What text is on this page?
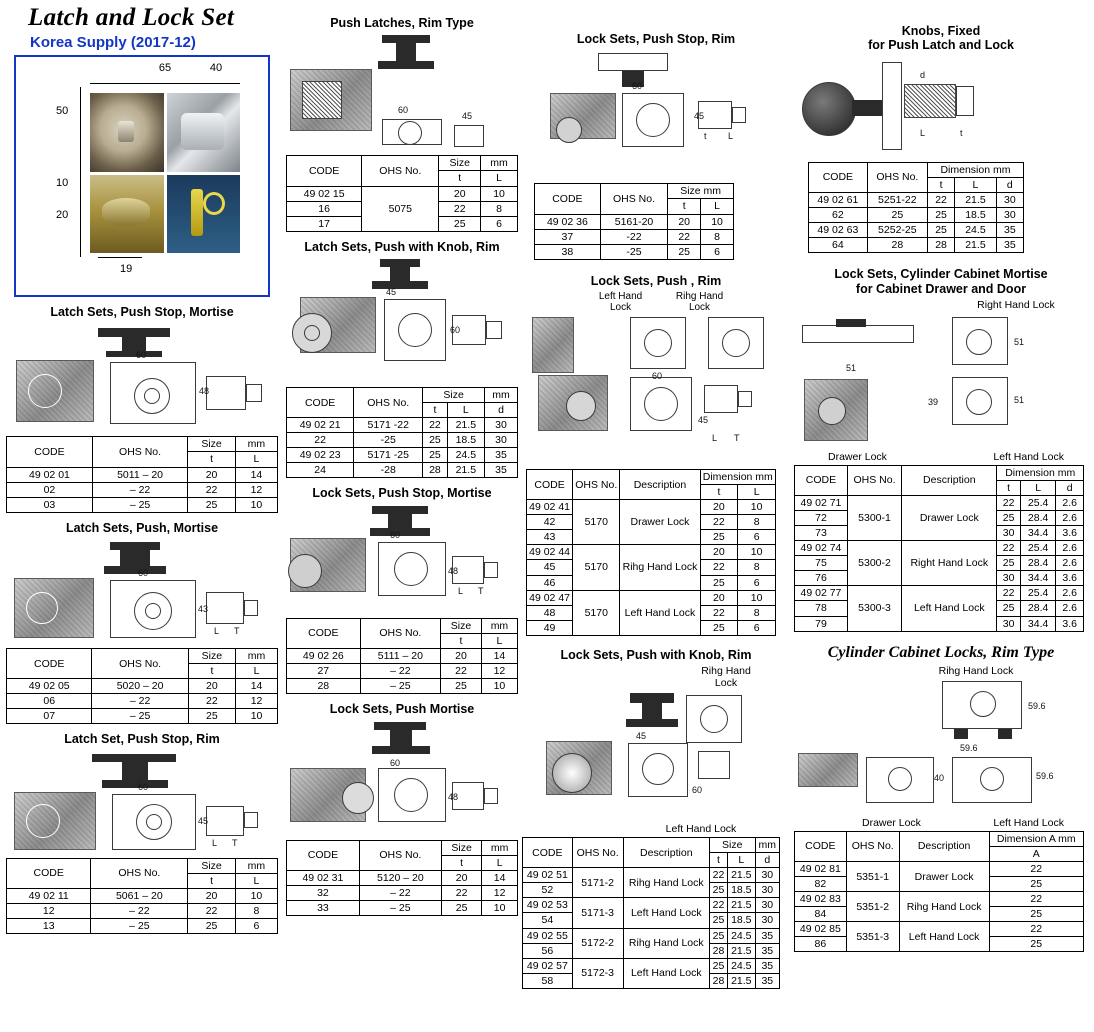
Latch and Lock Set
Korea Supply (2017-12)
65	40
50
10
20
19
Latch Sets, Push Stop, Mortise
60
48
CODE	OHS No.	Size	mm
		t	L
49 02 01	5011 – 20	20	14
02	– 22	22	12
03	– 25	25	10
Latch Sets, Push, Mortise
60
43
L T
CODE	OHS No.	Size	mm
		t	L
49 02 05	5020 – 20	20	14
06	– 22	22	12
07	– 25	25	10
Latch Set, Push Stop, Rim
60
45
L T
CODE	OHS No.	Size	mm
		t	L
49 02 11	5061 – 20	20	10
12	– 22	22	8
13	– 25	25	6
Push Latches, Rim Type
60
45
CODE	OHS No.	Size	mm
		t	L
49 02 15	5075	20	10
16		22	8
17		25	6
Latch Sets, Push with Knob, Rim
45
60
CODE	OHS No.	Size		mm
		t	L	d
49 02 21	5171 -22	22	21.5	30
22	-25	25	18.5	30
49 02 23	5171 -25	25	24.5	35
24	-28	28	21.5	35
Lock Sets, Push Stop, Mortise
60
48
L T
CODE	OHS No.	Size	mm
		t	L
49 02 26	5111 – 20	20	14
27	– 22	22	12
28	– 25	25	10
Lock Sets, Push Mortise
60
48
CODE	OHS No.	Size	mm
		t	L
49 02 31	5120 – 20	20	14
32	– 22	22	12
33	– 25	25	10
Lock Sets, Push Stop, Rim
60
45
t L
CODE	OHS No.	Size mm	
		t	L
49 02 36	5161-20	20	10
37	-22	22	8
38	-25	25	6
Lock Sets, Push , Rim
Left Hand
Lock
Rihg Hand
Lock
60
45
L T
CODE	OHS No.	Description	Dimension mm	
			t	L
49 02 41	5170	Drawer Lock	20	10
42			22	8
43			25	6
49 02 44	5170	Rihg Hand Lock	20	10
45			22	8
46			25	6
49 02 47	5170	Left Hand Lock	20	10
48			22	8
49			25	6
Lock Sets, Push with Knob, Rim
Rihg Hand
Lock
45
60
Left Hand Lock
CODE	OHS No.	Description	Size		mm
			t	L	d
49 02 51	5171-2	Rihg Hand Lock	22	21.5	30
52			25	18.5	30
49 02 53	5171-3	Left Hand Lock	22	21.5	30
54			25	18.5	30
49 02 55	5172-2	Rihg Hand Lock	25	24.5	35
56			28	21.5	35
49 02 57	5172-3	Left Hand Lock	25	24.5	35
58			28	21.5	35
Knobs, Fixed
for Push Latch and Lock
d
L	t
CODE	OHS No.	Dimension mm		
		t	L	d
49 02 61	5251-22	22	21.5	30
62	25	25	18.5	30
49 02 63	5252-25	25	24.5	35
64	28	28	21.5	35
Lock Sets, Cylinder Cabinet Mortise
for Cabinet Drawer and Door
Right Hand Lock
51
51
51
39
Drawer Lock	Left Hand Lock
CODE	OHS No.	Description	Dimension mm		
			t	L	d
49 02 71	5300-1	Drawer Lock	22	25.4	2.6
72			25	28.4	2.6
73			30	34.4	3.6
49 02 74	5300-2	Right Hand Lock	22	25.4	2.6
75			25	28.4	2.6
76			30	34.4	3.6
49 02 77	5300-3	Left Hand Lock	22	25.4	2.6
78			25	28.4	2.6
79			30	34.4	3.6
Cylinder Cabinet Locks, Rim Type
Rihg Hand Lock
59.6
59.6
59.6
40
Drawer Lock	Left Hand Lock
CODE	OHS No.	Description	Dimension A mm
			A
49 02 81	5351-1	Drawer Lock	22
82			25
49 02 83	5351-2	Rihg Hand Lock	22
84			25
49 02 85	5351-3	Left Hand Lock	22
86			25
